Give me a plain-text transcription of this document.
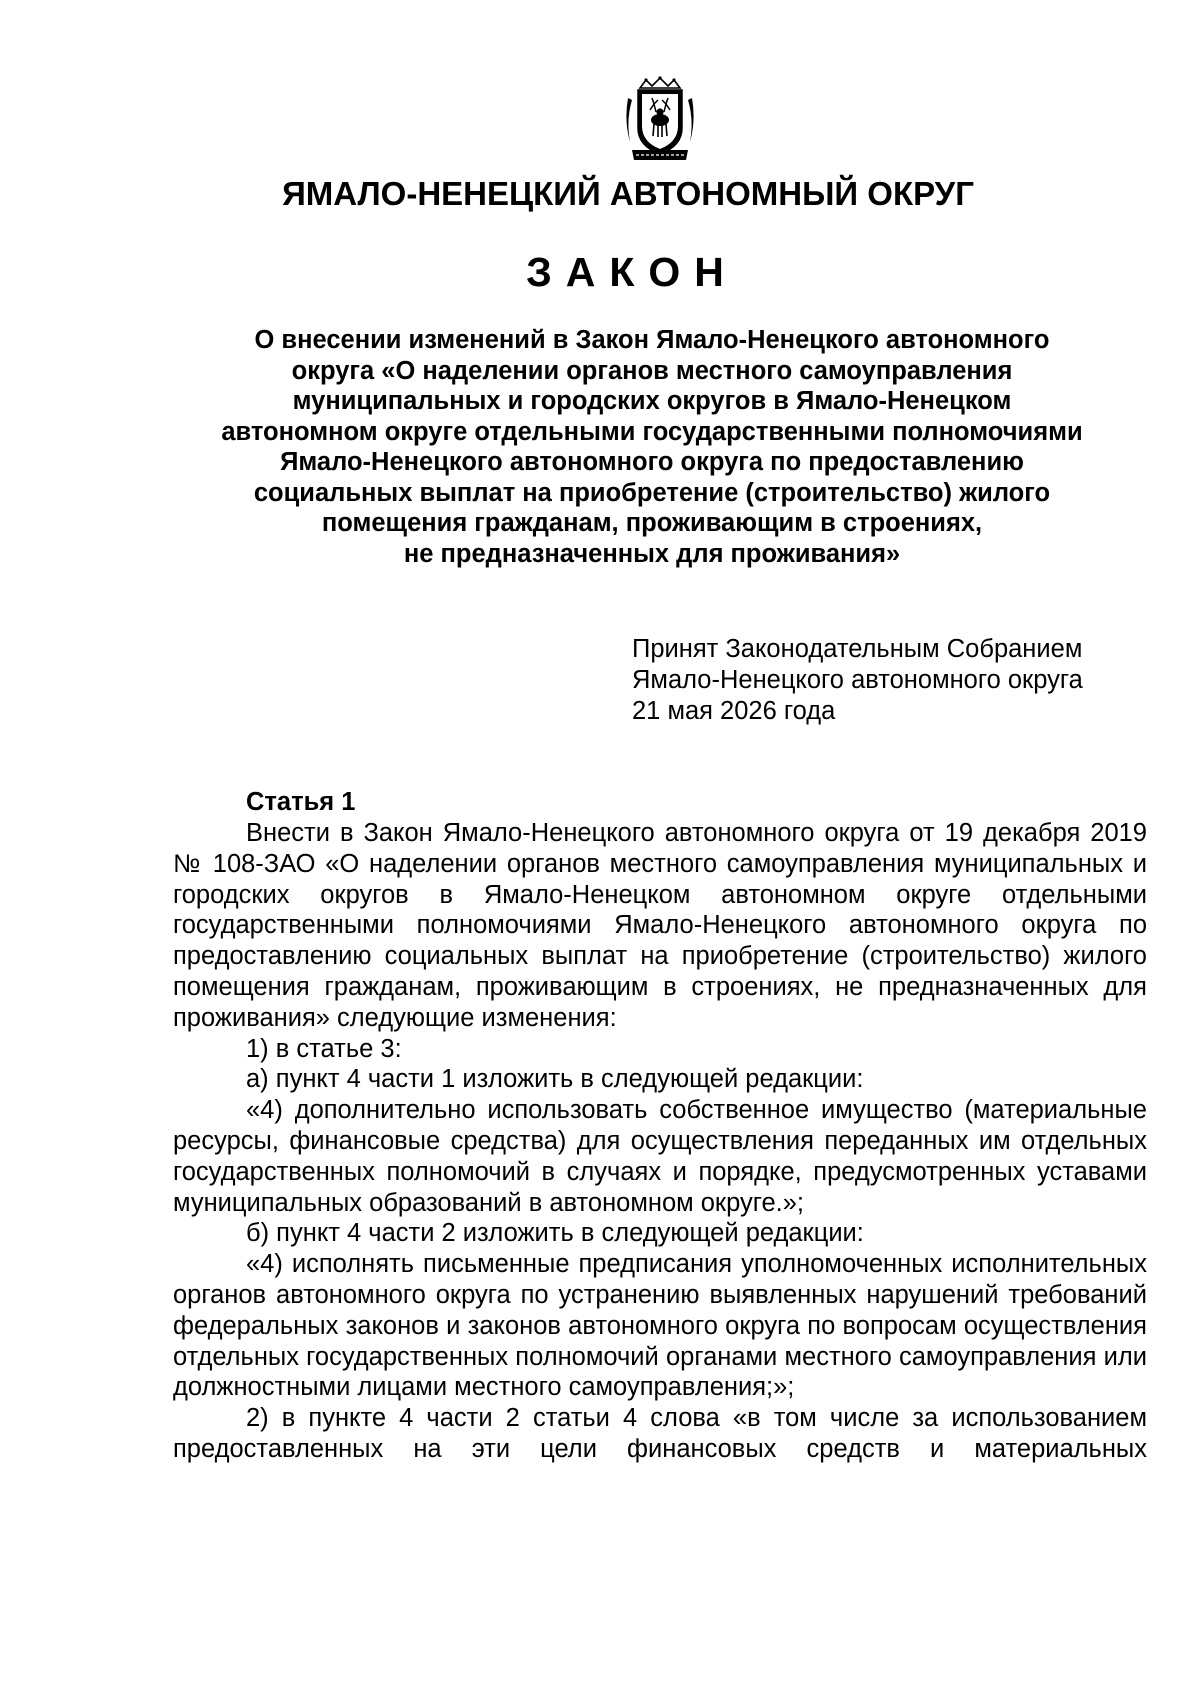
ЯМАЛО-НЕНЕЦКИЙ АВТОНОМНЫЙ ОКРУГ
ЗАКОН
О внесении изменений в Закон Ямало-Ненецкого автономного
округа «О наделении органов местного самоуправления
муниципальных и городских округов в Ямало-Ненецком
автономном округе отдельными государственными полномочиями
Ямало-Ненецкого автономного округа по предоставлению
социальных выплат на приобретение (строительство) жилого
помещения гражданам, проживающим в строениях,
не предназначенных для проживания»
Принят Законодательным Собранием
Ямало-Ненецкого автономного округа
21 мая 2026 года
Статья 1

Внести в Закон Ямало-Ненецкого автономного округа от 19 декабря 2019 № 108-ЗАО «О наделении органов местного самоуправления муниципальных и городских округов в Ямало-Ненецком автономном округе отдельными государственными полномочиями Ямало-Ненецкого автономного округа по предоставлению социальных выплат на приобретение (строительство) жилого помещения гражданам, проживающим в строениях, не предназначенных для проживания» следующие изменения:

1) в статье 3:

а) пункт 4 части 1 изложить в следующей редакции:

«4) дополнительно использовать собственное имущество (материальные ресурсы, финансовые средства) для осуществления переданных им отдельных государственных полномочий в случаях и порядке, предусмотренных уставами муниципальных образований в автономном округе.»;

б) пункт 4 части 2 изложить в следующей редакции:

«4) исполнять письменные предписания уполномоченных исполнительных органов автономного округа по устранению выявленных нарушений требований федеральных законов и законов автономного округа по вопросам осуществления отдельных государственных полномочий органами местного самоуправления или должностными лицами местного самоуправления;»;

2) в пункте 4 части 2 статьи 4 слова «в том числе за использованием предоставленных на эти цели финансовых средств и материальных
